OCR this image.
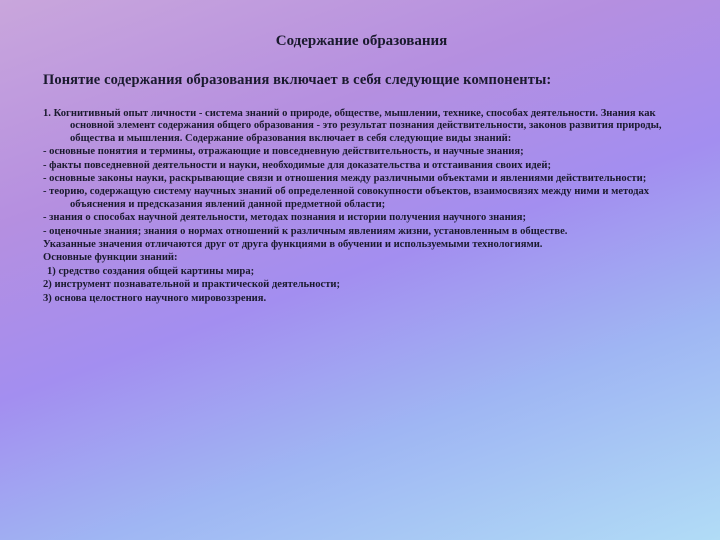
Содержание образования
Понятие содержания образования включает в себя следующие компоненты:
1. Когнитивный опыт личности - система знаний о природе, обществе, мышлении, технике, способах деятельности. Знания как основной элемент содержания общего образования - это результат познания действительности, законов развития природы, общества и мышления. Содержание образования включает в себя следующие виды знаний:
- основные понятия и термины, отражающие и повседневную действительность, и научные знания;
- факты повседневной деятельности и науки, необходимые для доказательства и отстаивания своих идей;
- основные законы науки, раскрывающие связи и отношения между различными объектами и явлениями действительности;
- теорию, содержащую систему научных знаний об определенной совокупности объектов, взаимосвязях между ними и методах объяснения и предсказания явлений данной предметной области;
- знания о способах научной деятельности, методах познания и истории получения научного знания;
- оценочные знания; знания о нормах отношений к различным явлениям жизни, установленным в обществе.
Указанные значения отличаются друг от друга функциями в обучении и используемыми технологиями.
Основные функции знаний:
1) средство создания общей картины мира;
2) инструмент познавательной и практической деятельности;
3) основа целостного научного мировоззрения.
